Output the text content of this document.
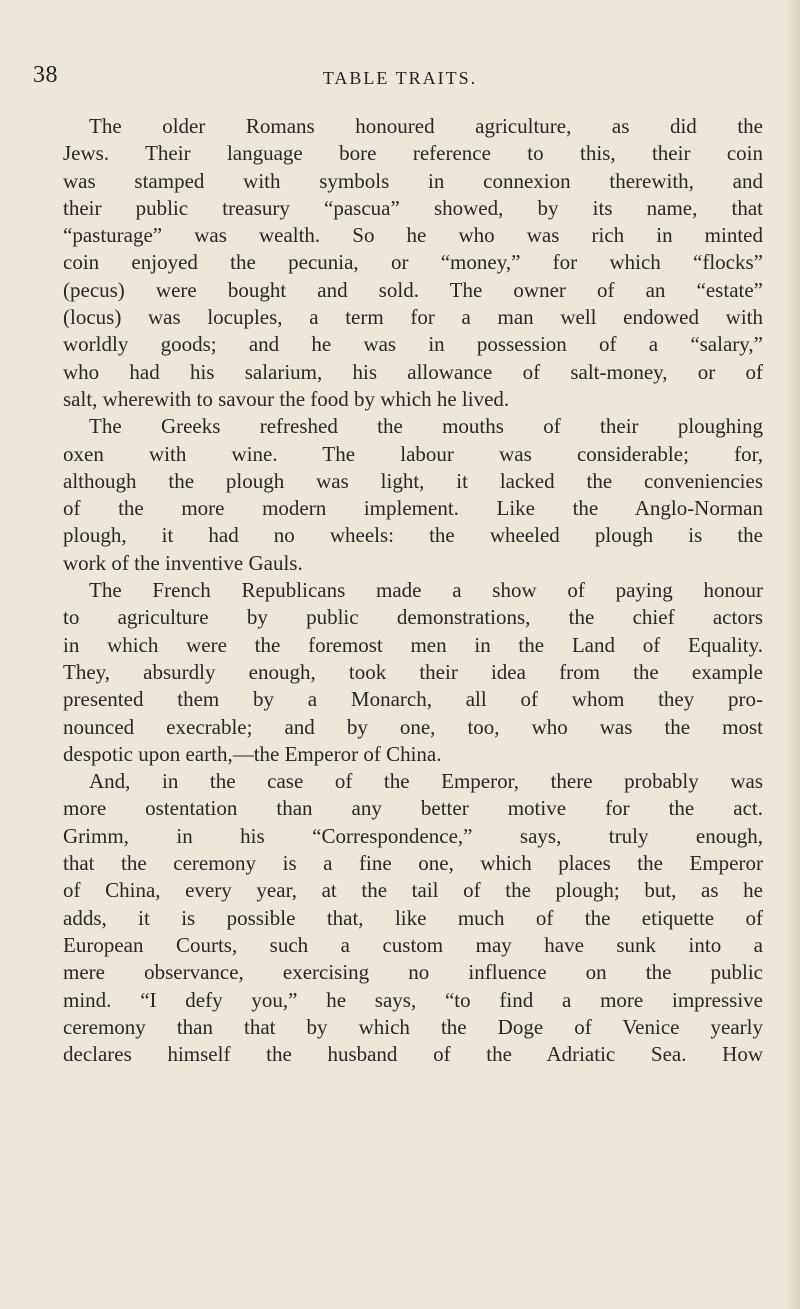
38	TABLE TRAITS.
The older Romans honoured agriculture, as did the
Jews. Their language bore reference to this, their coin
was stamped with symbols in connexion therewith, and
their public treasury “pascua” showed, by its name, that
“pasturage” was wealth. So he who was rich in minted
coin enjoyed the pecunia, or “money,” for which “flocks”
(pecus) were bought and sold. The owner of an “estate”
(locus) was locuples, a term for a man well endowed with
worldly goods; and he was in possession of a “salary,”
who had his salarium, his allowance of salt-money, or of
salt, wherewith to savour the food by which he lived.
The Greeks refreshed the mouths of their ploughing
oxen with wine. The labour was considerable; for,
although the plough was light, it lacked the conveniencies
of the more modern implement. Like the Anglo-Norman
plough, it had no wheels: the wheeled plough is the
work of the inventive Gauls.
The French Republicans made a show of paying honour
to agriculture by public demonstrations, the chief actors
in which were the foremost men in the Land of Equality.
They, absurdly enough, took their idea from the example
presented them by a Monarch, all of whom they pro-
nounced execrable; and by one, too, who was the most
despotic upon earth,—the Emperor of China.
And, in the case of the Emperor, there probably was
more ostentation than any better motive for the act.
Grimm, in his “Correspondence,” says, truly enough,
that the ceremony is a fine one, which places the Emperor
of China, every year, at the tail of the plough; but, as he
adds, it is possible that, like much of the etiquette of
European Courts, such a custom may have sunk into a
mere observance, exercising no influence on the public
mind. “I defy you,” he says, “to find a more impressive
ceremony than that by which the Doge of Venice yearly
declares himself the husband of the Adriatic Sea. How
